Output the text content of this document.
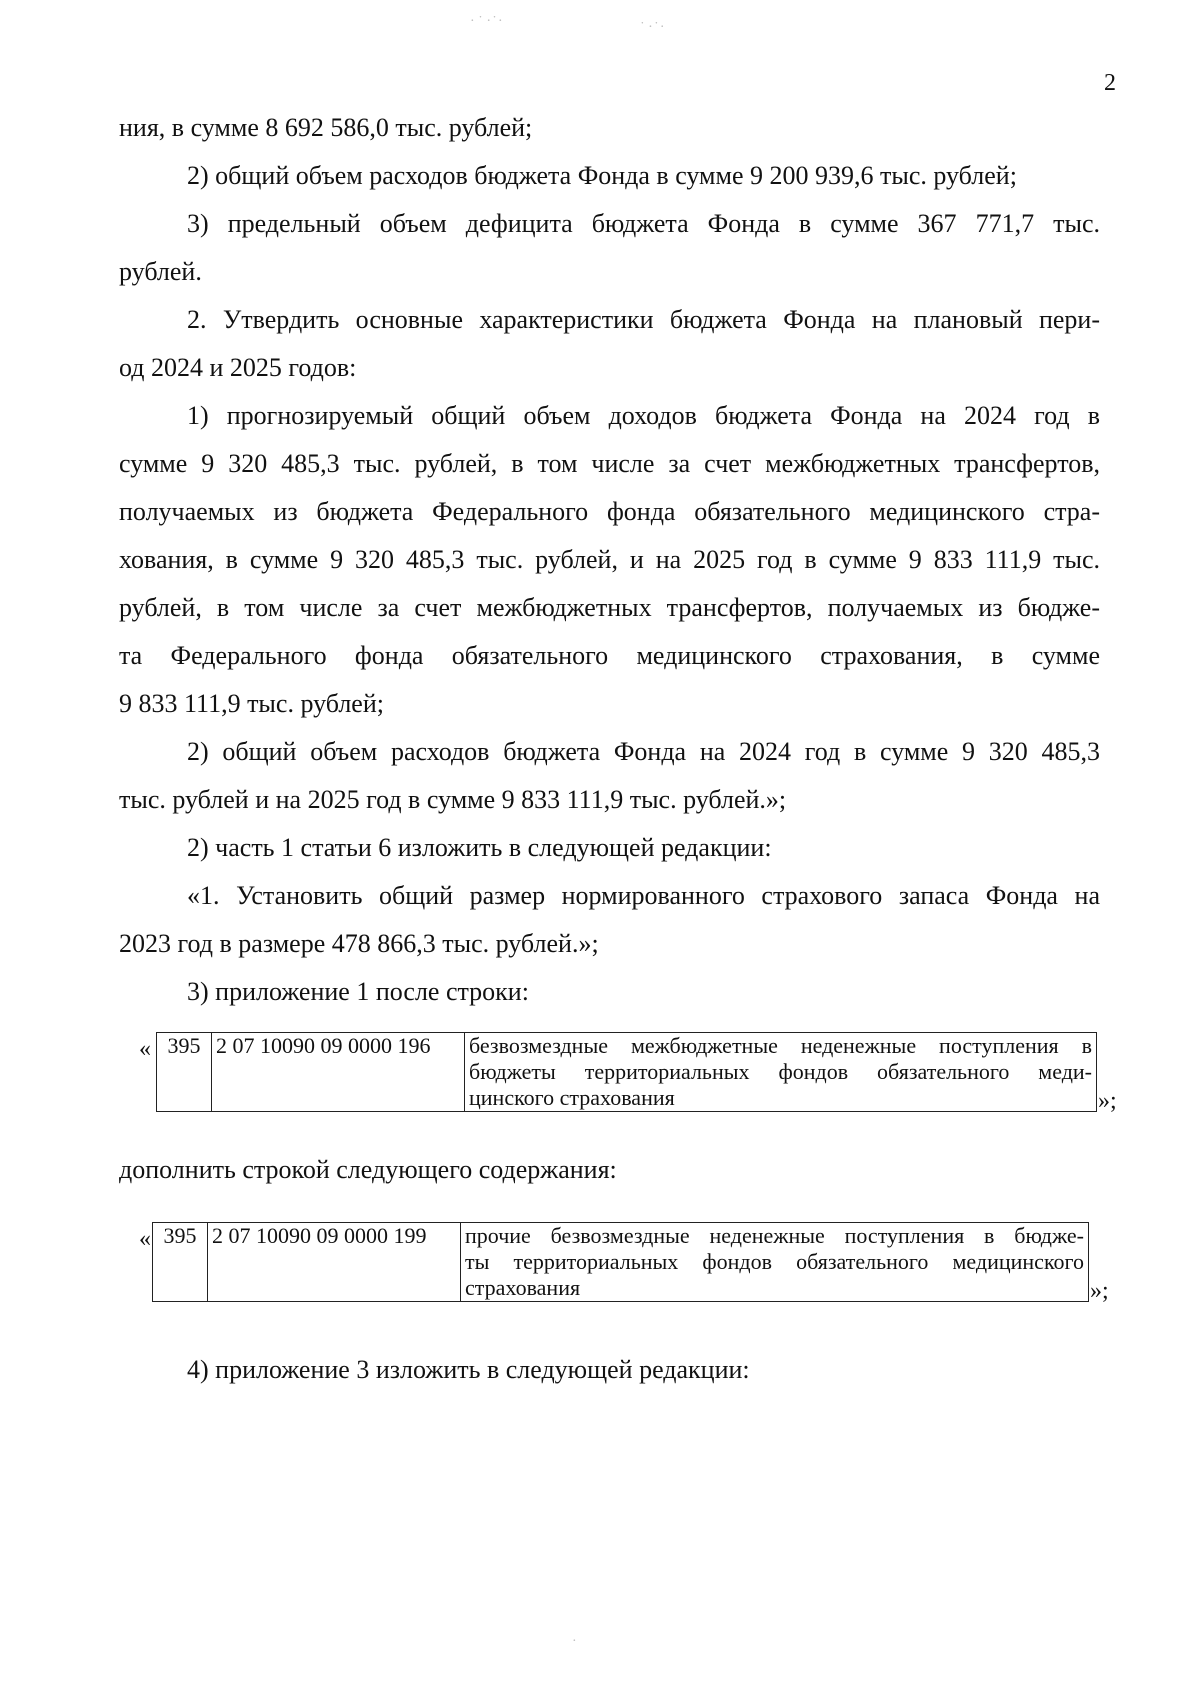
· ˙ · ̇ ·	˙ · ̇ ·
2

ния, в сумме 8 692 586,0 тыс. рублей;

2) общий объем расходов бюджета Фонда в сумме 9 200 939,6 тыс. рублей;

3) предельный объем дефицита бюджета Фонда в сумме 367 771,7 тыс.

рублей.

2. Утвердить основные характеристики бюджета Фонда на плановый пери-

од 2024 и 2025 годов:

1) прогнозируемый общий объем доходов бюджета Фонда на 2024 год в

сумме 9 320 485,3 тыс. рублей, в том числе за счет межбюджетных трансфертов,

получаемых из бюджета Федерального фонда обязательного медицинского стра-

хования, в сумме 9 320 485,3 тыс. рублей, и на 2025 год в сумме 9 833 111,9 тыс.

рублей, в том числе за счет межбюджетных трансфертов, получаемых из бюдже-

та Федерального фонда обязательного медицинского страхования, в сумме

9 833 111,9 тыс. рублей;

2) общий объем расходов бюджета Фонда на 2024 год в сумме 9 320 485,3

тыс. рублей и на 2025 год в сумме 9 833 111,9 тыс. рублей.»;

2) часть 1 статьи 6 изложить в следующей редакции:

«1. Установить общий размер нормированного страхового запаса Фонда на

2023 год в размере 478 866,3 тыс. рублей.»;

3) приложение 1 после строки:

« 395	2 07 10090 09 0000 196	безвозмездные межбюджетные неденежные поступления в
бюджеты территориальных фондов обязательного меди-
цинского страхования	»;

дополнить строкой следующего содержания:

« 395	2 07 10090 09 0000 199	прочие безвозмездные неденежные поступления в бюдже-
ты территориальных фондов обязательного медицинского
страхования	»;

4) приложение 3 изложить в следующей редакции:

·
